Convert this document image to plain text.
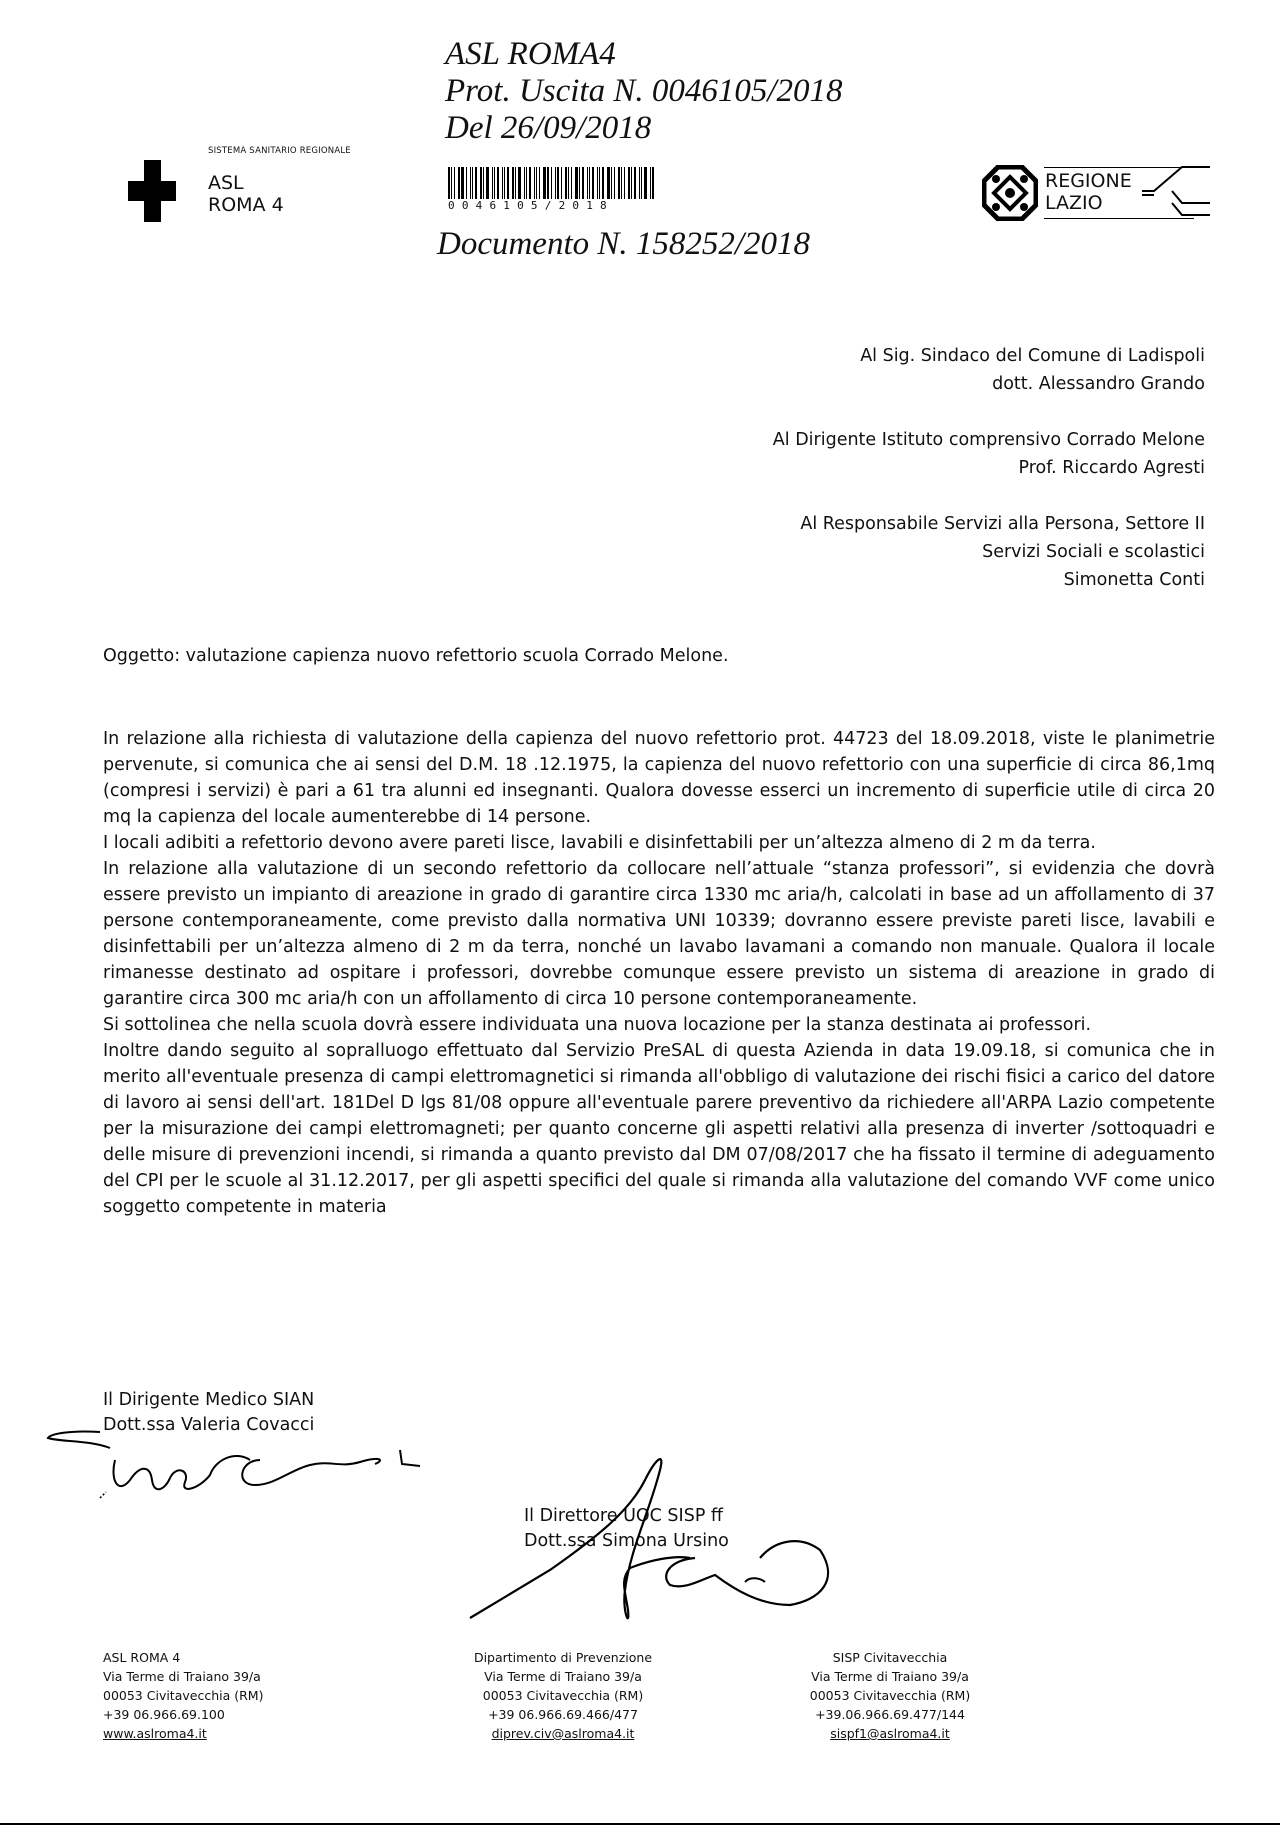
SISTEMA SANITARIO REGIONALE
ASL
ROMA 4
ASL ROMA4
Prot. Uscita N. 0046105/2018
Del 26/09/2018
0046105/2018
Documento N. 158252/2018
REGIONE
LAZIO
Al Sig. Sindaco del Comune di Ladispoli
dott. Alessandro Grando
Al Dirigente Istituto comprensivo Corrado Melone
Prof. Riccardo Agresti
Al Responsabile Servizi alla Persona, Settore II
Servizi Sociali e scolastici
Simonetta Conti
Oggetto: valutazione capienza nuovo refettorio scuola Corrado Melone.

In relazione alla richiesta di valutazione della capienza del nuovo refettorio prot. 44723 del 18.09.2018, viste le planimetrie pervenute, si comunica che ai sensi del D.M. 18 .12.1975, la capienza del nuovo refettorio con una superficie di circa 86,1mq (compresi i servizi) è pari a 61 tra alunni ed insegnanti. Qualora dovesse esserci un incremento di superficie utile di circa 20 mq la capienza del locale aumenterebbe di 14 persone.

I locali adibiti a refettorio devono avere pareti lisce, lavabili e disinfettabili per un’altezza almeno di 2 m da terra.

In relazione alla valutazione di un secondo refettorio da collocare nell’attuale “stanza professori”, si evidenzia che dovrà essere previsto un impianto di areazione in grado di garantire circa 1330 mc aria/h, calcolati in base ad un affollamento di 37 persone contemporaneamente, come previsto dalla normativa UNI 10339; dovranno essere previste pareti lisce, lavabili e disinfettabili per un’altezza almeno di 2 m da terra, nonché un lavabo lavamani a comando non manuale. Qualora il locale rimanesse destinato ad ospitare i professori, dovrebbe comunque essere previsto un sistema di areazione in grado di garantire circa 300 mc aria/h con un affollamento di circa 10 persone contemporaneamente.

Si sottolinea che nella scuola dovrà essere individuata una nuova locazione per la stanza destinata ai professori.

Inoltre dando seguito al sopralluogo effettuato dal Servizio PreSAL di questa Azienda in data 19.09.18, si comunica che in merito all'eventuale presenza di campi elettromagnetici si rimanda all'obbligo di valutazione dei rischi fisici a carico del datore di lavoro ai sensi dell'art. 181Del D lgs 81/08 oppure all'eventuale parere preventivo da richiedere all'ARPA Lazio competente per la misurazione dei campi elettromagneti; per quanto concerne gli aspetti relativi alla presenza di inverter /sottoquadri e delle misure di prevenzioni incendi, si rimanda a quanto previsto dal DM 07/08/2017 che ha fissato il termine di adeguamento del CPI per le scuole al 31.12.2017, per gli aspetti specifici del quale si rimanda alla valutazione del comando VVF come unico soggetto competente in materia

Il Dirigente Medico SIAN
Dott.ssa Valeria Covacci
Il Direttore UOC SISP ff
Dott.ssa Simona Ursino
ASL ROMA 4
Via Terme di Traiano 39/a
00053 Civitavecchia (RM)
+39 06.966.69.100
www.aslroma4.it
Dipartimento di Prevenzione
Via Terme di Traiano 39/a
00053 Civitavecchia (RM)
+39 06.966.69.466/477
diprev.civ@aslroma4.it
SISP Civitavecchia
Via Terme di Traiano 39/a
00053 Civitavecchia (RM)
+39.06.966.69.477/144
sispf1@aslroma4.it
